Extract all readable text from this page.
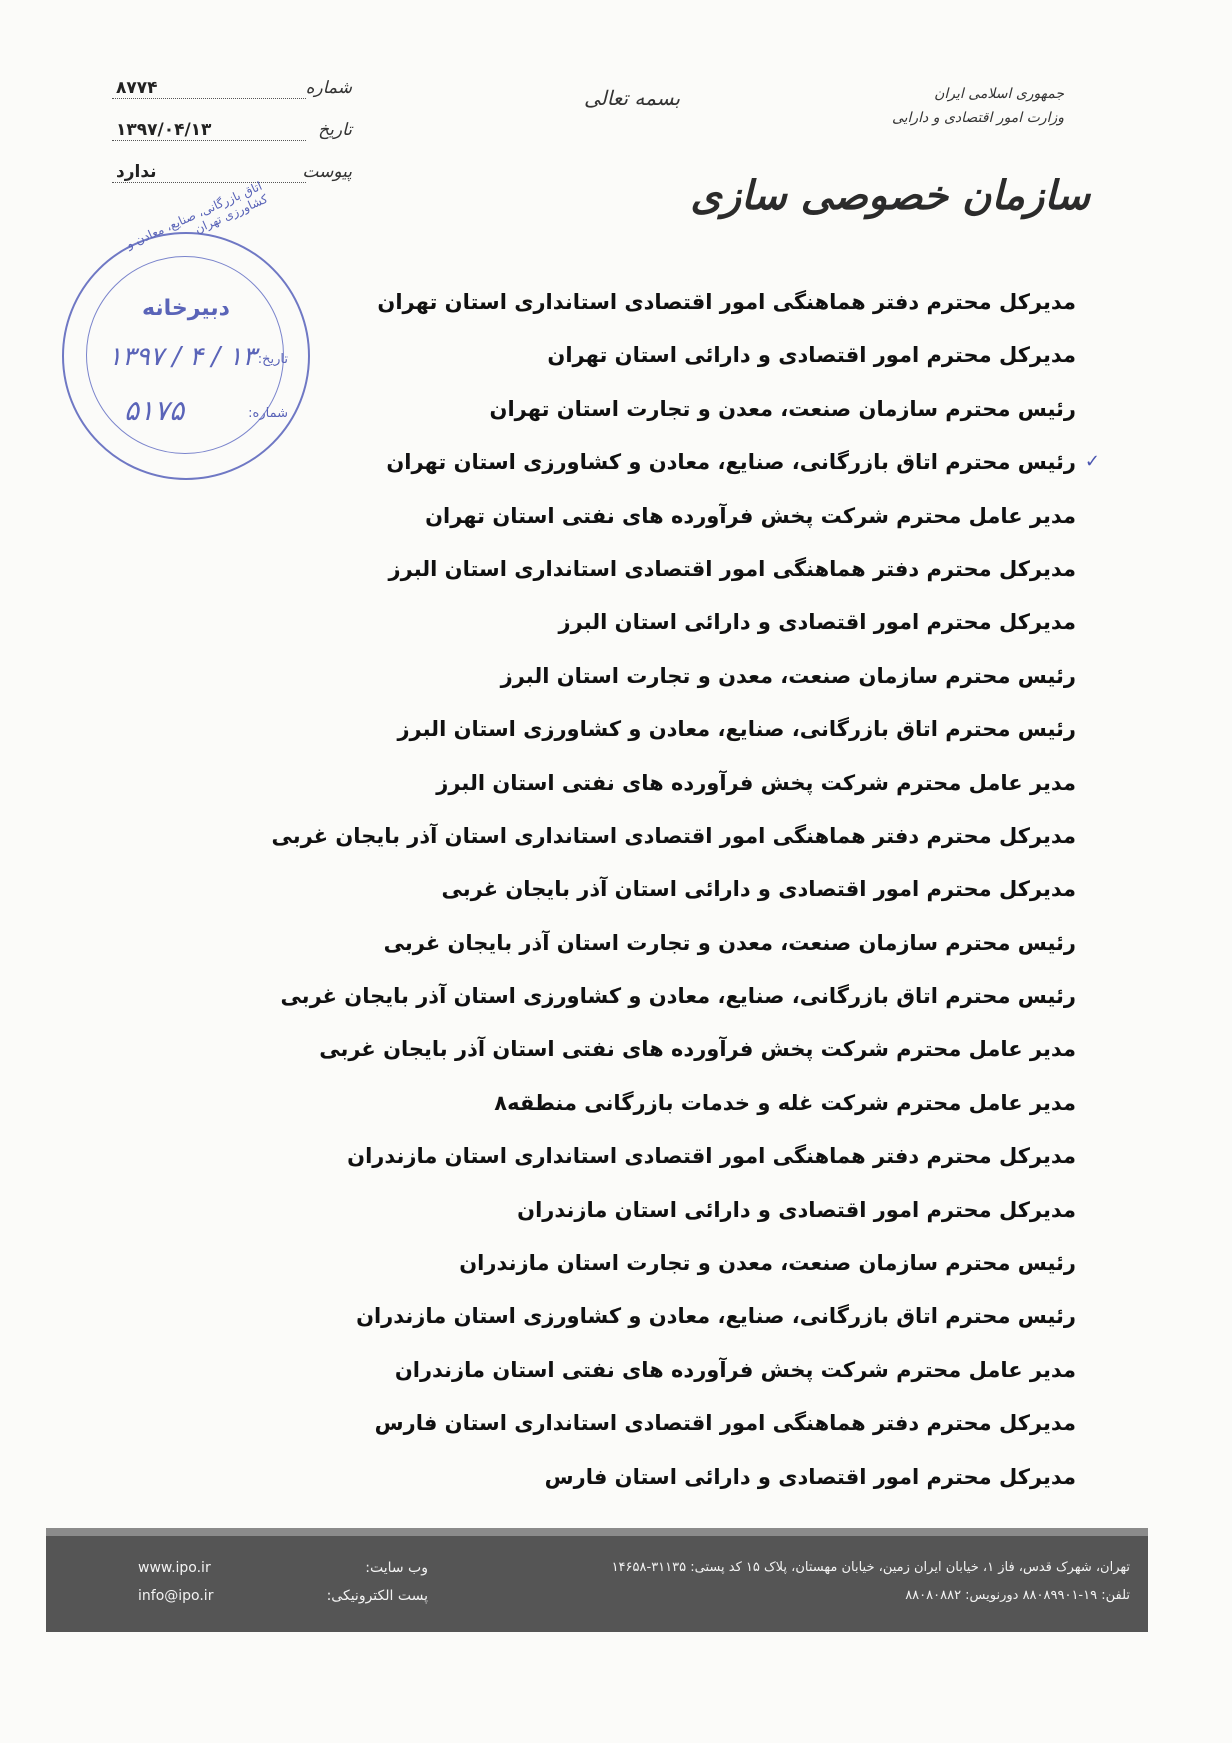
شماره
۸۷۷۴
تاریخ
۱۳۹۷/۰۴/۱۳
پیوست
ندارد
بسمه تعالی	جمهوری اسلامی ایران
وزارت امور اقتصادی و دارایی
سازمان خصوصی سازی
اتاق بازرگانی، صنایع، معادن و کشاورزی تهران
دبیرخانه
تاریخ:
۱۳۹۷ / ۴ / ۱۳
شماره:
۵۱۷۵
مدیرکل محترم دفتر هماهنگی امور اقتصادی استانداری استان تهران
مدیرکل محترم امور اقتصادی و دارائی استان تهران
رئیس محترم سازمان صنعت، معدن و تجارت استان تهران
رئیس محترم اتاق بازرگانی، صنایع، معادن و کشاورزی استان تهران ✓
مدیر عامل محترم شرکت پخش فرآورده های نفتی استان تهران
مدیرکل محترم دفتر هماهنگی امور اقتصادی استانداری استان البرز
مدیرکل محترم امور اقتصادی و دارائی استان البرز
رئیس محترم سازمان صنعت، معدن و تجارت استان البرز
رئیس محترم اتاق بازرگانی، صنایع، معادن و کشاورزی استان البرز
مدیر عامل محترم شرکت پخش فرآورده های نفتی استان البرز
مدیرکل محترم دفتر هماهنگی امور اقتصادی استانداری استان آذر بایجان غربی
مدیرکل محترم امور اقتصادی و دارائی استان آذر بایجان غربی
رئیس محترم سازمان صنعت، معدن و تجارت استان آذر بایجان غربی
رئیس محترم اتاق بازرگانی، صنایع، معادن و کشاورزی استان آذر بایجان غربی
مدیر عامل محترم شرکت پخش فرآورده های نفتی استان آذر بایجان غربی
مدیر عامل محترم شرکت غله و خدمات بازرگانی منطقه۸
مدیرکل محترم دفتر هماهنگی امور اقتصادی استانداری استان مازندران
مدیرکل محترم امور اقتصادی و دارائی استان مازندران
رئیس محترم سازمان صنعت، معدن و تجارت استان مازندران
رئیس محترم اتاق بازرگانی، صنایع، معادن و کشاورزی استان مازندران
مدیر عامل محترم شرکت پخش فرآورده های نفتی استان مازندران
مدیرکل محترم دفتر هماهنگی امور اقتصادی استانداری استان فارس
مدیرکل محترم امور اقتصادی و دارائی استان فارس
تهران، شهرک قدس، فاز ۱، خیابان ایران زمین، خیابان مهستان، پلاک ۱۵ کد پستی: ۳۱۱۳۵-۱۴۶۵۸
تلفن: ۱۹-۸۸۰۸۹۹۰۱ دورنویس: ۸۸۰۸۰۸۸۲
www.ipo.ir	وب سایت:
info@ipo.ir	پست الکترونیکی:
